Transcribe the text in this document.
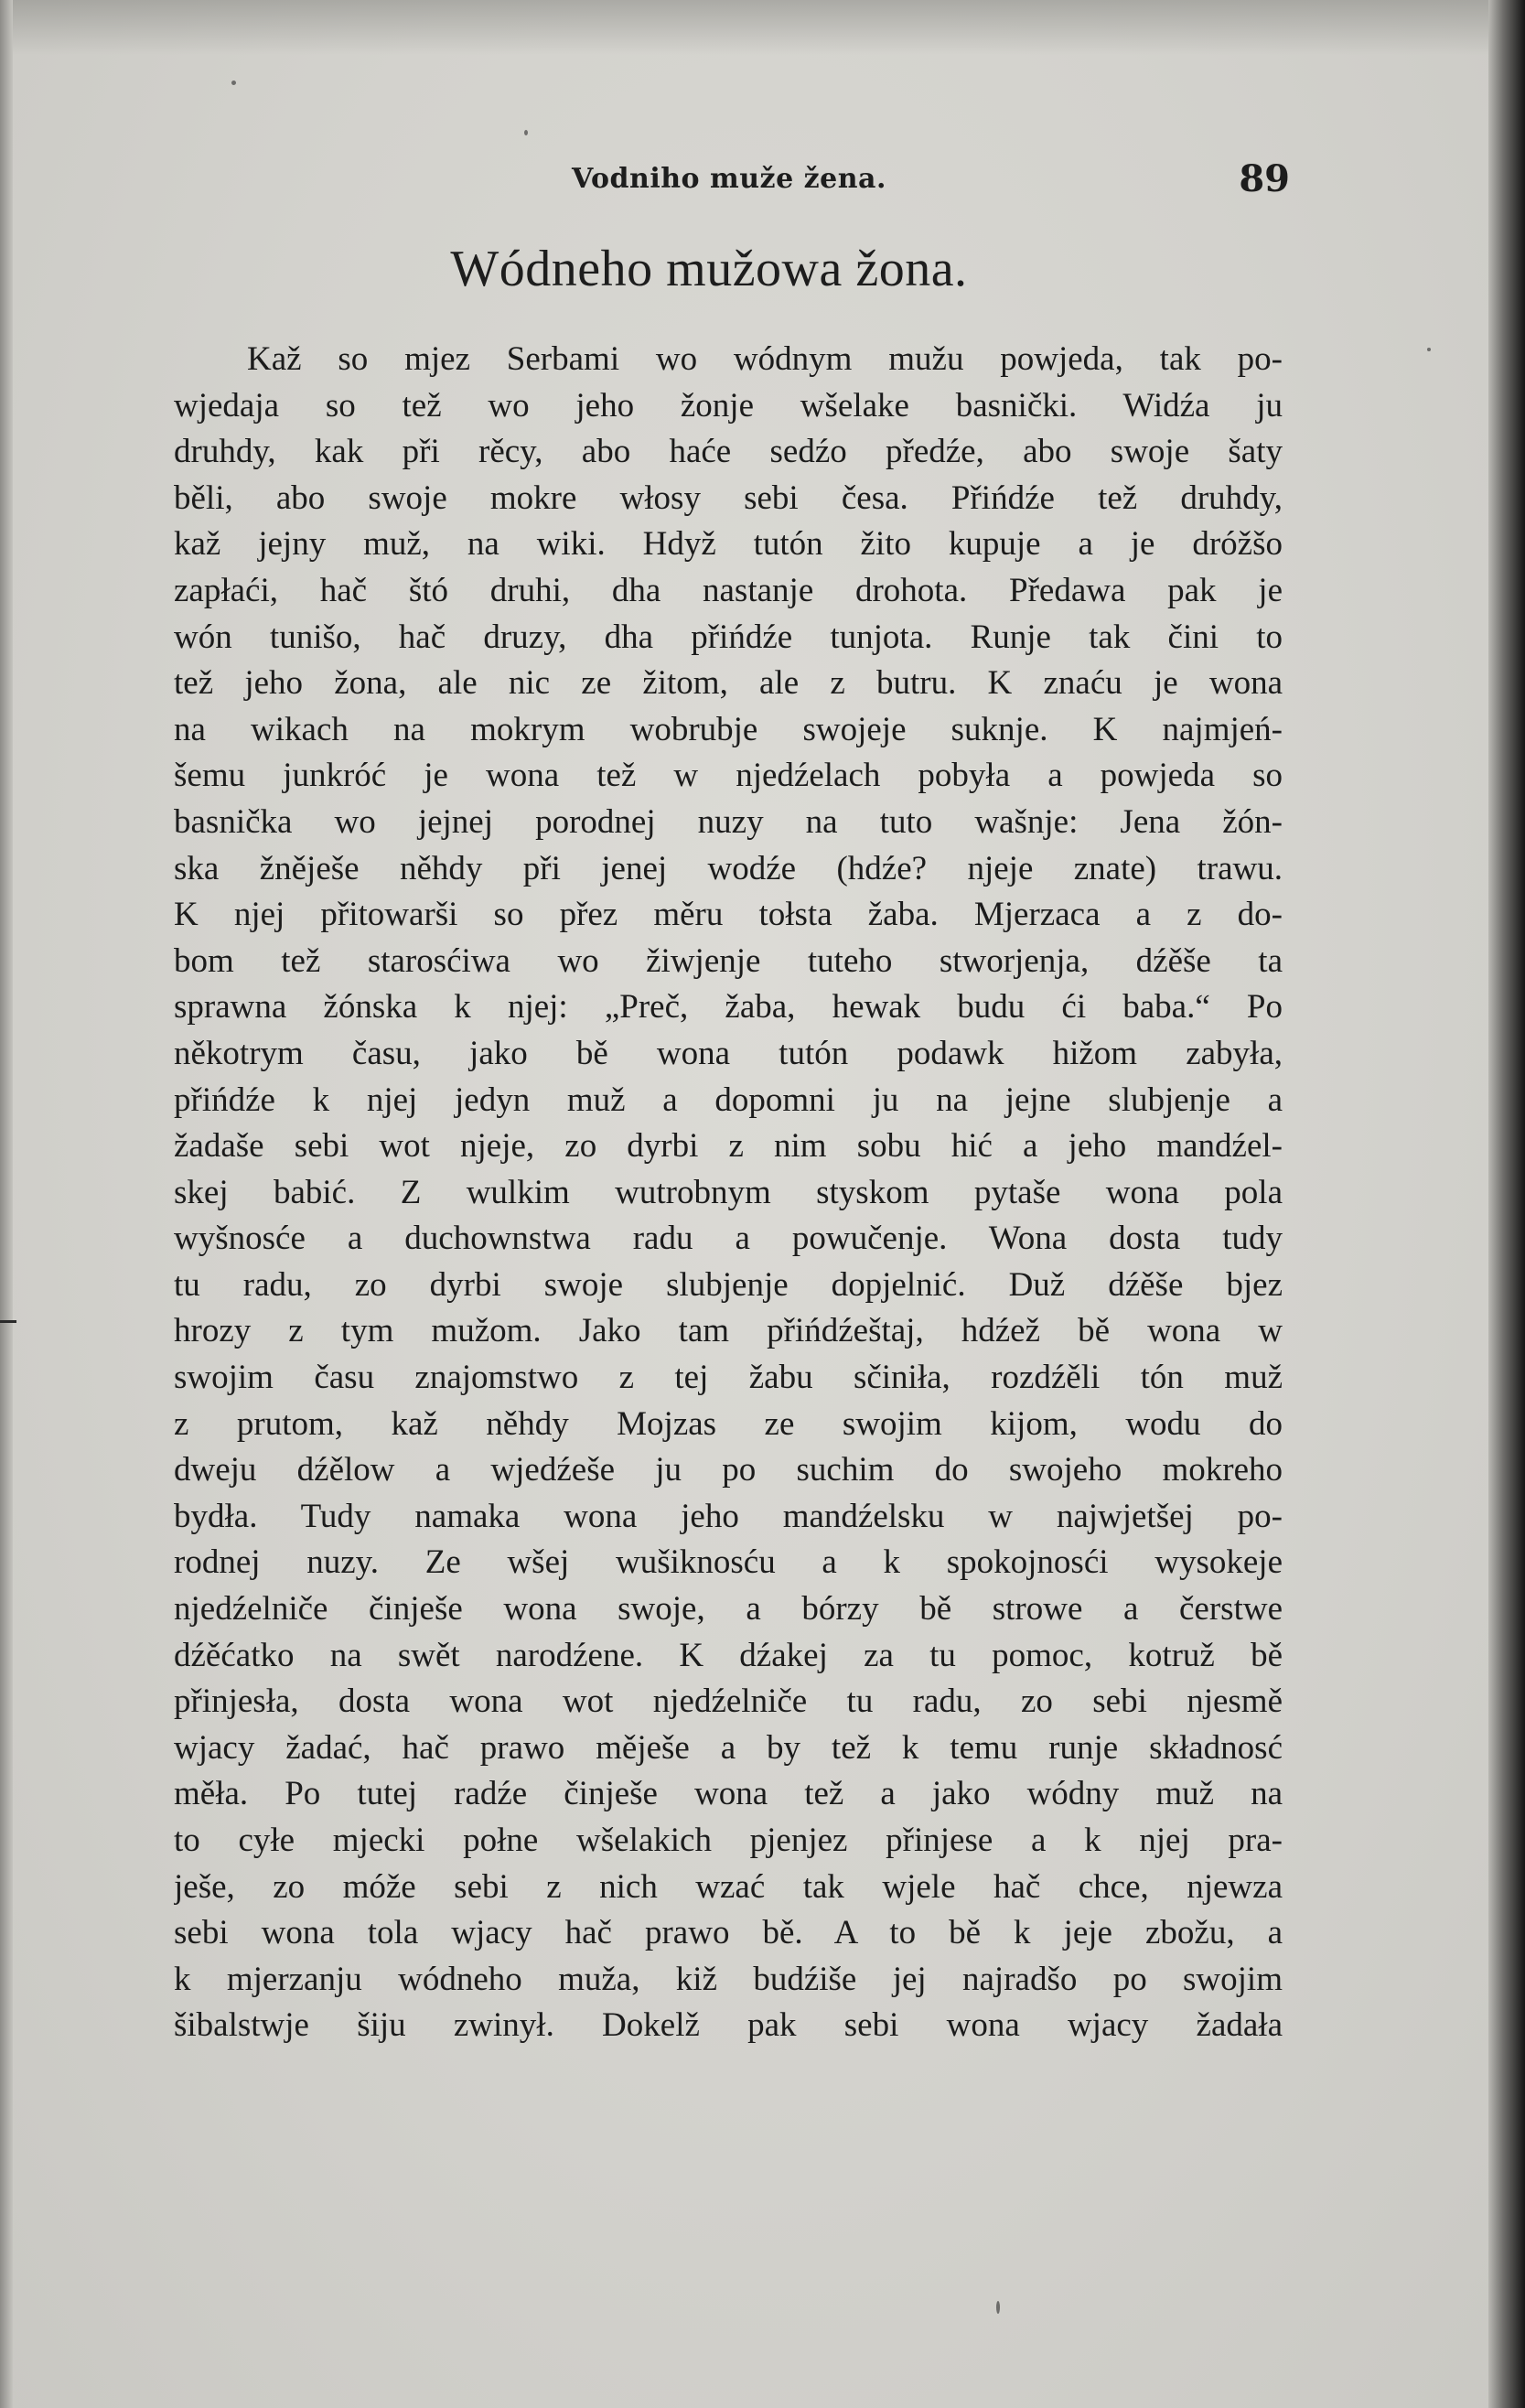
Vodniho muže žena.	89
Wódneho mužowa žona.
Kaž so mjez Serbami wo wódnym mužu powjeda, tak po-
wjedaja so tež wo jeho žonje wšelake basnički. Widźa ju
druhdy, kak při rěcy, abo haće sedźo předźe, abo swoje šaty
běli, abo swoje mokre włosy sebi česa. Přińdźe tež druhdy,
kaž jejny muž, na wiki. Hdyž tutón žito kupuje a je dróžšo
zapłaći, hač štó druhi, dha nastanje drohota. Předawa pak je
wón tunišo, hač druzy, dha přińdźe tunjota. Runje tak čini to
tež jeho žona, ale nic ze žitom, ale z butru. K znaću je wona
na wikach na mokrym wobrubje swojeje suknje. K najmjeń-
šemu junkróć je wona tež w njedźelach pobyła a powjeda so
basnička wo jejnej porodnej nuzy na tuto wašnje: Jena žón-
ska žněješe něhdy při jenej wodźe (hdźe? njeje znate) trawu.
K njej přitowarši so přez měru tołsta žaba. Mjerzaca a z do-
bom tež starosćiwa wo žiwjenje tuteho stworjenja, dźěše ta
sprawna žónska k njej: „Preč, žaba, hewak budu ći baba.“ Po
někotrym času, jako bě wona tutón podawk hižom zabyła,
přińdźe k njej jedyn muž a dopomni ju na jejne slubjenje a
žadaše sebi wot njeje, zo dyrbi z nim sobu hić a jeho mandźel-
skej babić. Z wulkim wutrobnym styskom pytaše wona pola
wyšnosće a duchownstwa radu a powučenje. Wona dosta tudy
tu radu, zo dyrbi swoje slubjenje dopjelnić. Duž dźěše bjez
hrozy z tym mužom. Jako tam přińdźeštaj, hdźež bě wona w
swojim času znajomstwo z tej žabu sčiniła, rozdźěli tón muž
z prutom, kaž něhdy Mojzas ze swojim kijom, wodu do
dweju dźělow a wjedźeše ju po suchim do swojeho mokreho
bydła. Tudy namaka wona jeho mandźelsku w najwjetšej po-
rodnej nuzy. Ze wšej wušiknosću a k spokojnosći wysokeje
njedźelniče činješe wona swoje, a bórzy bě strowe a čerstwe
dźěćatko na swět narodźene. K dźakej za tu pomoc, kotruž bě
přinjesła, dosta wona wot njedźelniče tu radu, zo sebi njesmě
wjacy žadać, hač prawo měješe a by tež k temu runje składnosć
měła. Po tutej radźe činješe wona tež a jako wódny muž na
to cyłe mjecki połne wšelakich pjenjez přinjese a k njej pra-
ješe, zo móže sebi z nich wzać tak wjele hač chce, njewza
sebi wona tola wjacy hač prawo bě. A to bě k jeje zbožu, a
k mjerzanju wódneho muža, kiž budźiše jej najradšo po swojim
šibalstwje šiju zwinył. Dokelž pak sebi wona wjacy žadała
